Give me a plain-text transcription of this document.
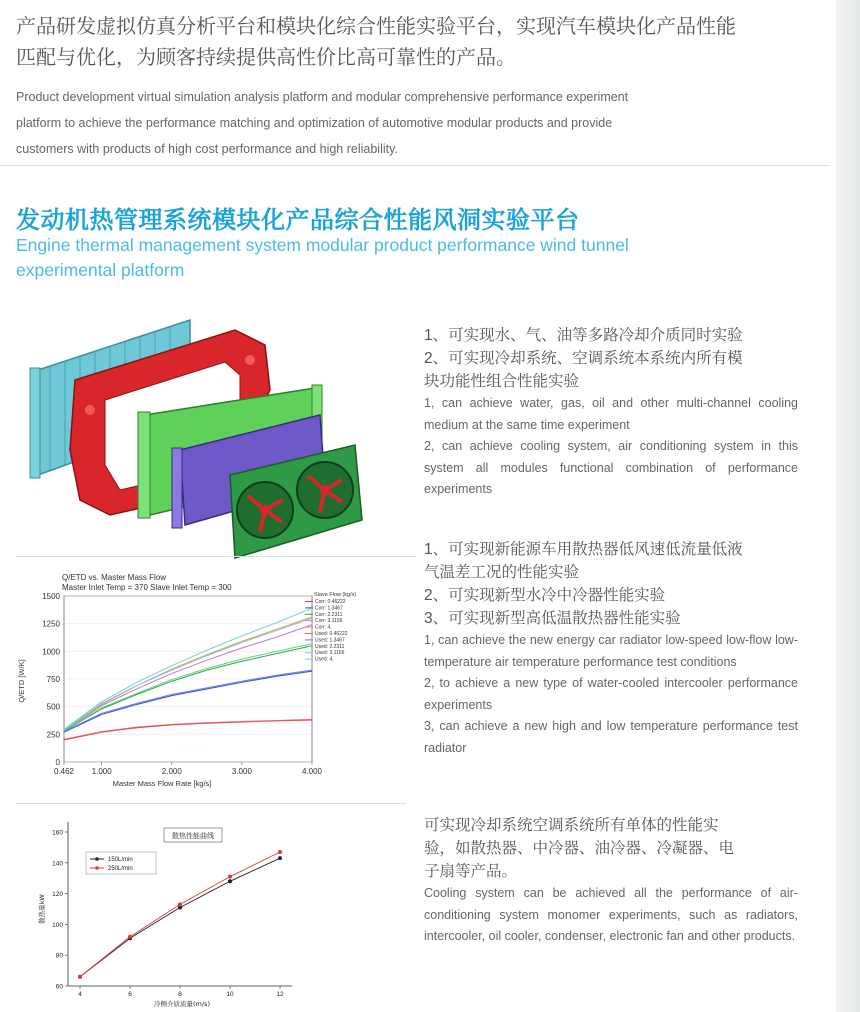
产品研发虚拟仿真分析平台和模块化综合性能实验平台，实现汽车模块化产品性能
匹配与优化，为顾客持续提供高性价比高可靠性的产品。
Product development virtual simulation analysis platform and modular comprehensive performance experiment
platform to achieve the performance matching and optimization of automotive modular products and provide
customers with products of high cost performance and high reliability.
发动机热管理系统模块化产品综合性能风洞实验平台
Engine thermal management system modular product performance wind tunnel
experimental platform
1、可实现水、气、油等多路冷却介质同时实验
2、可实现冷却系统、空调系统本系统内所有模
块功能性组合性能实验
1, can achieve water, gas, oil and other multi-channel cooling medium at the same time experiment
2, can achieve cooling system, air conditioning system in this system all modules functional combination of performance experiments
Q/ETD vs. Master Mass Flow
Master Inlet Temp = 370 Slave Inlet Temp = 300
Slave Flow (kg/s)
0
250
500
750
1000
1250
1500
0.462 1.000	2.000	3.000	4.000
Corr: 0.46222
Corr: 1.3467
Corr: 2.2311
Corr: 3.1156
Corr: 4.
Used: 0.46222
Used: 1.3467
Used: 2.2311
Used: 3.1156
Used: 4.
Master Mass Flow Rate [kg/s]
Q/ETD [W/K]
1、可实现新能源车用散热器低风速低流量低液
气温差工况的性能实验
2、可实现新型水冷中冷器性能实验
3、可实现新型高低温散热器性能实验
1, can achieve the new energy car radiator low-speed low-flow low-temperature air temperature performance test conditions
2, to achieve a new type of water-cooled intercooler performance experiments
3, can achieve a new high and low temperature performance test radiator
散热性能曲线
60
80
100
120
140
160
4	6	8	10	12
150L/min
250L/min
冷侧介质流量(m/s)
散热量kW
可实现冷却系统空调系统所有单体的性能实
验，如散热器、中冷器、油冷器、冷凝器、电
子扇等产品。
Cooling system can be achieved all the performance of air-conditioning system monomer experiments, such as radiators, intercooler, oil cooler, condenser, electronic fan and other products.
